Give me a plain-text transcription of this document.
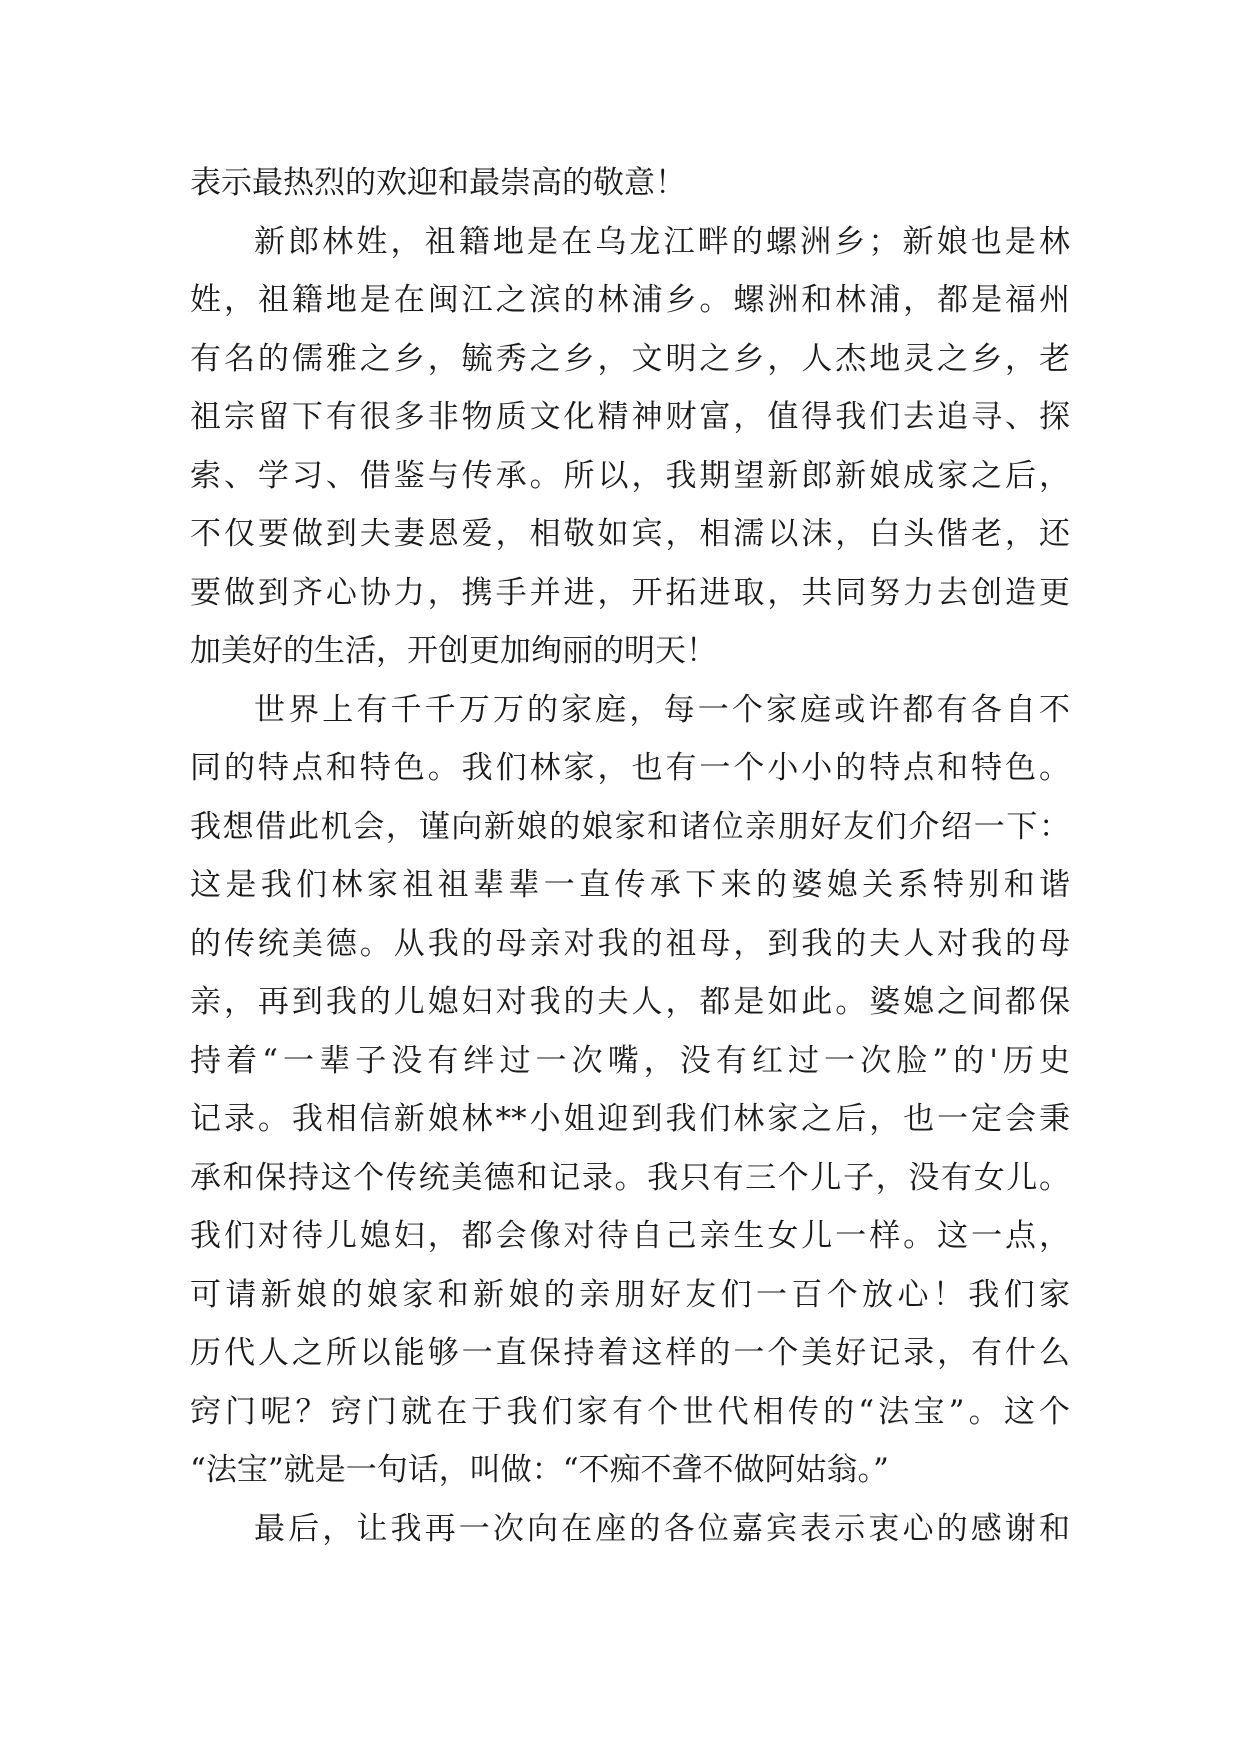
表示最热烈的欢迎和最崇高的敬意！
新郎林姓，祖籍地是在乌龙江畔的螺洲乡；新娘也是林
姓，祖籍地是在闽江之滨的林浦乡。螺洲和林浦，都是福州
有名的儒雅之乡，毓秀之乡，文明之乡，人杰地灵之乡，老
祖宗留下有很多非物质文化精神财富，值得我们去追寻、探
索、学习、借鉴与传承。所以，我期望新郎新娘成家之后，
不仅要做到夫妻恩爱，相敬如宾，相濡以沫，白头偕老，还
要做到齐心协力，携手并进，开拓进取，共同努力去创造更
加美好的生活，开创更加绚丽的明天！
世界上有千千万万的家庭，每一个家庭或许都有各自不
同的特点和特色。我们林家，也有一个小小的特点和特色。
我想借此机会，谨向新娘的娘家和诸位亲朋好友们介绍一下：
这是我们林家祖祖辈辈一直传承下来的婆媳关系特别和谐
的传统美德。从我的母亲对我的祖母，到我的夫人对我的母
亲，再到我的儿媳妇对我的夫人，都是如此。婆媳之间都保
持着“一辈子没有绊过一次嘴，没有红过一次脸”的'历史
记录。我相信新娘林**小姐迎到我们林家之后，也一定会秉
承和保持这个传统美德和记录。我只有三个儿子，没有女儿。
我们对待儿媳妇，都会像对待自己亲生女儿一样。这一点，
可请新娘的娘家和新娘的亲朋好友们一百个放心！我们家
历代人之所以能够一直保持着这样的一个美好记录，有什么
窍门呢？窍门就在于我们家有个世代相传的“法宝”。这个
“法宝”就是一句话，叫做：“不痴不聋不做阿姑翁。”
最后，让我再一次向在座的各位嘉宾表示衷心的感谢和
